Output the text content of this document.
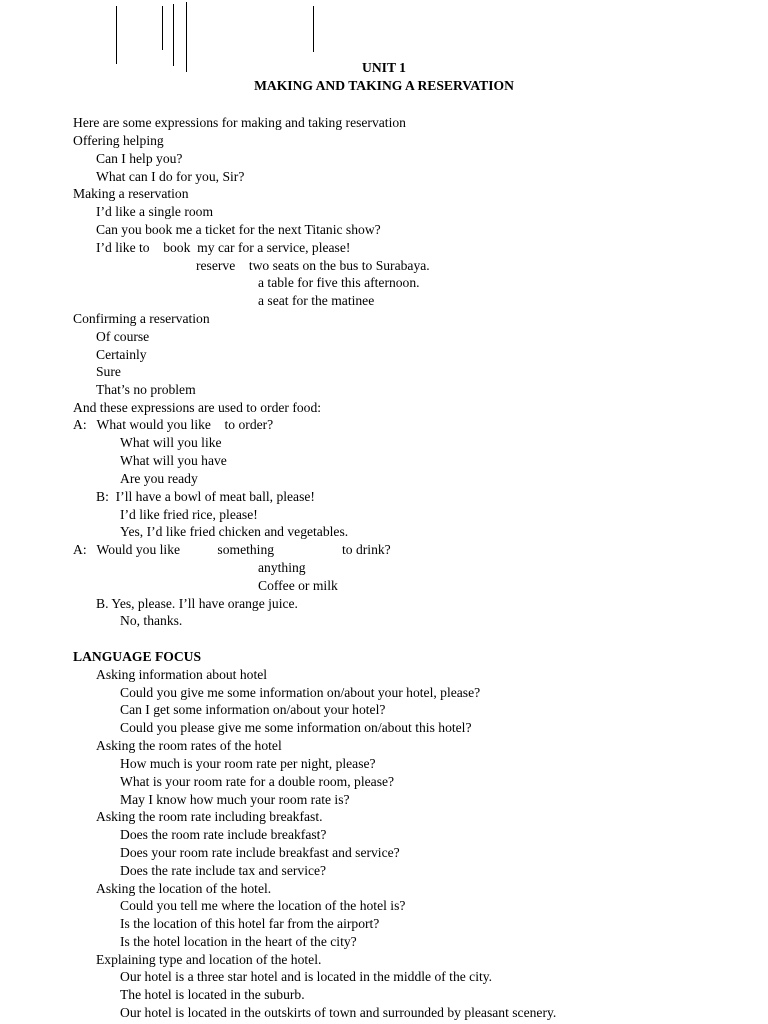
UNIT 1
MAKING AND TAKING A RESERVATION
Here are some expressions for making and taking reservation
Offering helping
Can I help you?
What can I do for you, Sir?
Making a reservation
I’d like a single room
Can you book me a ticket for the next Titanic show?
I’d like to    book  my car for a service, please!
reserve    two seats on the bus to Surabaya.
a table for five this afternoon.
a seat for the matinee
Confirming a reservation
Of course
Certainly
Sure
That’s no problem
And these expressions are used to order food:
A:   What would you like    to order?
What will you like
What will you have
Are you ready
B:  I’ll have a bowl of meat ball, please!
I’d like fried rice, please!
Yes, I’d like fried chicken and vegetables.
A:   Would you like           something                    to drink?
anything
Coffee or milk
B. Yes, please. I’ll have orange juice.
No, thanks.
LANGUAGE FOCUS
Asking information about hotel
Could you give me some information on/about your hotel, please?
Can I get some information on/about your hotel?
Could you please give me some information on/about this hotel?
Asking the room rates of the hotel
How much is your room rate per night, please?
What is your room rate for a double room, please?
May I know how much your room rate is?
Asking the room rate including breakfast.
Does the room rate include breakfast?
Does your room rate include breakfast and service?
Does the rate include tax and service?
Asking the location of the hotel.
Could you tell me where the location of the hotel is?
Is the location of this hotel far from the airport?
Is the hotel location in the heart of the city?
Explaining type and location of the hotel.
Our hotel is a three star hotel and is located in the middle of the city.
The hotel is located in the suburb.
Our hotel is located in the outskirts of town and surrounded by pleasant scenery.
